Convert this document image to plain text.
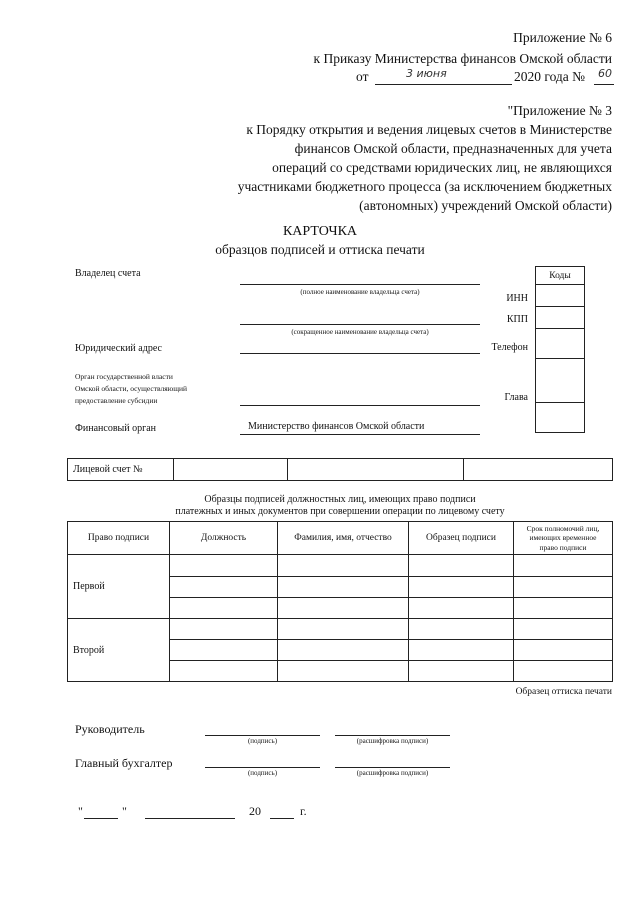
Приложение № 6
к Приказу Министерства финансов Омской области
от	3 июня	2020 года № 60
"Приложение № 3
к Порядку открытия и ведения лицевых счетов в Министерстве
финансов Омской области, предназначенных для учета
операций со средствами юридических лиц, не являющихся
участниками бюджетного процесса (за исключением бюджетных
(автономных) учреждений Омской области)
КАРТОЧКА
образцов подписей и оттиска печати
Владелец счета
(полное наименование владельца счета)
(сокращенное наименование владельца счета)
Юридический адрес
Орган государственной власти
Омской области, осуществляющий
предоставление субсидии
Финансовый орган	Министерство финансов Омской области
ИНН
КПП
Телефон
Глава
Коды

Лицевой счет №			
Образцы подписей должностных лиц, имеющих право подписи
платежных и иных документов при совершении операции по лицевому счету
Право подписи	Должность	Фамилия, имя, отчество	Образец подписи	Срок полномочий лиц, имеющих временное право подписи
Первой				

Второй				

Образец оттиска печати
Руководитель
(подпись)	(расшифровка подписи)
Главный бухгалтер
(подпись)	(расшифровка подписи)
"	"	20	г.
